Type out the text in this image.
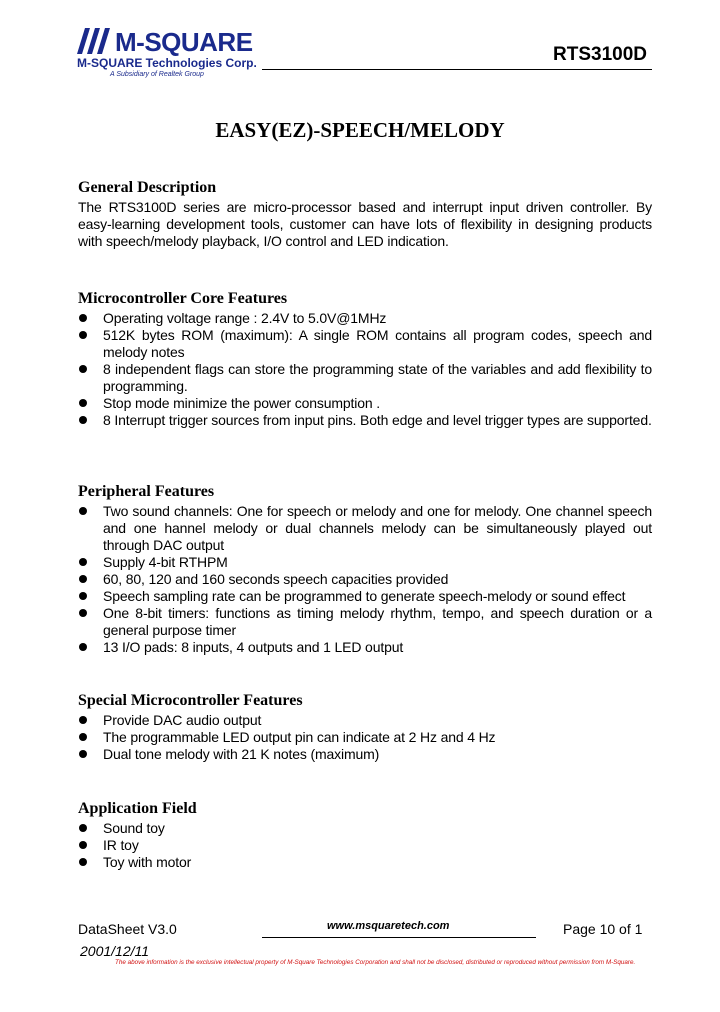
M-SQUARE
M-SQUARE Technologies Corp.
A Subsidiary of Realtek Group
RTS3100D
EASY(EZ)-SPEECH/MELODY
General Description

The RTS3100D series are micro-processor based and interrupt input driven controller. By easy-learning development tools, customer can have lots of flexibility in designing products with speech/melody playback, I/O control and LED indication.

Microcontroller Core Features
Operating voltage range : 2.4V to 5.0V@1MHz
512K bytes ROM (maximum): A single ROM contains all program codes, speech and melody notes
8 independent flags can store the programming state of the variables and add flexibility to programming.
Stop mode minimize the power consumption .
8 Interrupt trigger sources from input pins. Both edge and level trigger types are supported.
Peripheral Features
Two sound channels: One for speech or melody and one for melody. One channel speech and one hannel melody or dual channels melody can be simultaneously played out through DAC output
Supply 4-bit RTHPM
60, 80, 120 and 160 seconds speech capacities provided
Speech sampling rate can be programmed to generate speech-melody or sound effect
One 8-bit timers: functions as timing melody rhythm, tempo, and speech duration or a general purpose timer
13 I/O pads: 8 inputs, 4 outputs and 1 LED output
Special Microcontroller Features
Provide DAC audio output
The programmable LED output pin can indicate at 2 Hz and 4 Hz
Dual tone melody with 21 K notes (maximum)
Application Field
Sound toy
IR toy
Toy with motor
DataSheet V3.0	www.msquaretech.com	Page 10 of 1
2001/12/11
The above information is the exclusive intellectual property of M-Square Technologies Corporation and shall not be disclosed, distributed or reproduced without permission from M-Square.
